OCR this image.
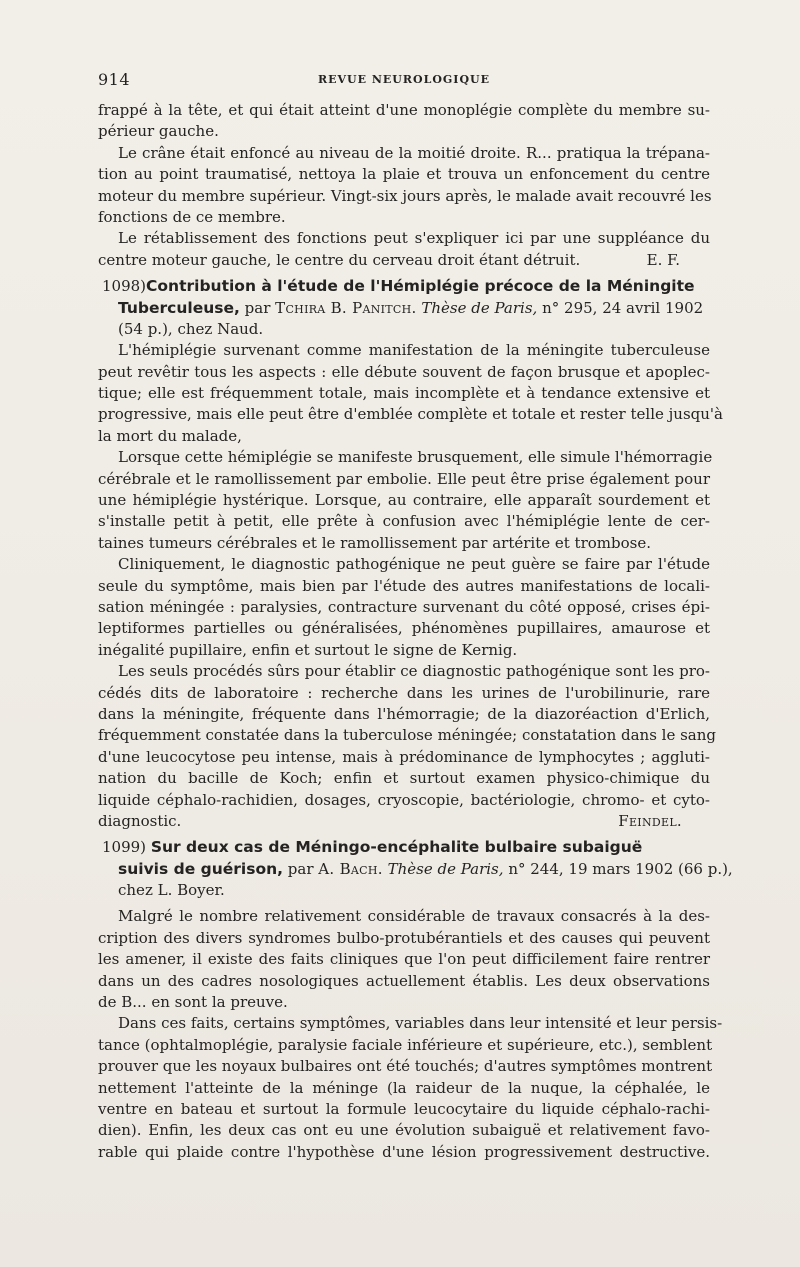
914	REVUE NEUROLOGIQUE
frappé à la tête, et qui était atteint d'une monoplégie complète du membre su-
périeur gauche.
Le crâne était enfoncé au niveau de la moitié droite. R... pratiqua la trépana-
tion au point traumatisé, nettoya la plaie et trouva un enfoncement du centre
moteur du membre supérieur. Vingt-six jours après, le malade avait recouvré les
fonctions de ce membre.
Le rétablissement des fonctions peut s'expliquer ici par une suppléance du
centre moteur gauche, le centre du cerveau droit étant détruit.	E. F.
1098)Contribution à l'étude de l'Hémiplégie précoce de la Méningite
Tuberculeuse, par Tchira B. Panitch. Thèse de Paris, n° 295, 24 avril 1902
(54 p.), chez Naud.
L'hémiplégie survenant comme manifestation de la méningite tuberculeuse
peut revêtir tous les aspects : elle débute souvent de façon brusque et apoplec-
tique; elle est fréquemment totale, mais incomplète et à tendance extensive et
progressive, mais elle peut être d'emblée complète et totale et rester telle jusqu'à
la mort du malade,
Lorsque cette hémiplégie se manifeste brusquement, elle simule l'hémorragie
cérébrale et le ramollissement par embolie. Elle peut être prise également pour
une hémiplégie hystérique. Lorsque, au contraire, elle apparaît sourdement et
s'installe petit à petit, elle prête à confusion avec l'hémiplégie lente de cer-
taines tumeurs cérébrales et le ramollissement par artérite et trombose.
Cliniquement, le diagnostic pathogénique ne peut guère se faire par l'étude
seule du symptôme, mais bien par l'étude des autres manifestations de locali-
sation méningée : paralysies, contracture survenant du côté opposé, crises épi-
leptiformes partielles ou généralisées, phénomènes pupillaires, amaurose et
inégalité pupillaire, enfin et surtout le signe de Kernig.
Les seuls procédés sûrs pour établir ce diagnostic pathogénique sont les pro-
cédés dits de laboratoire : recherche dans les urines de l'urobilinurie, rare
dans la méningite, fréquente dans l'hémorragie; de la diazoréaction d'Erlich,
fréquemment constatée dans la tuberculose méningée; constatation dans le sang
d'une leucocytose peu intense, mais à prédominance de lymphocytes ; aggluti-
nation du bacille de Koch; enfin et surtout examen physico-chimique du
liquide céphalo-rachidien, dosages, cryoscopie, bactériologie, chromo- et cyto-
diagnostic.	Feindel.
1099) Sur deux cas de Méningo-encéphalite bulbaire subaiguë
suivis de guérison, par A. Bach. Thèse de Paris, n° 244, 19 mars 1902 (66 p.),
chez L. Boyer.
Malgré le nombre relativement considérable de travaux consacrés à la des-
cription des divers syndromes bulbo-protubérantiels et des causes qui peuvent
les amener, il existe des faits cliniques que l'on peut difficilement faire rentrer
dans un des cadres nosologiques actuellement établis. Les deux observations
de B... en sont la preuve.
Dans ces faits, certains symptômes, variables dans leur intensité et leur persis-
tance (ophtalmoplégie, paralysie faciale inférieure et supérieure, etc.), semblent
prouver que les noyaux bulbaires ont été touchés; d'autres symptômes montrent
nettement l'atteinte de la méninge (la raideur de la nuque, la céphalée, le
ventre en bateau et surtout la formule leucocytaire du liquide céphalo-rachi-
dien). Enfin, les deux cas ont eu une évolution subaiguë et relativement favo-
rable qui plaide contre l'hypothèse d'une lésion progressivement destructive.
